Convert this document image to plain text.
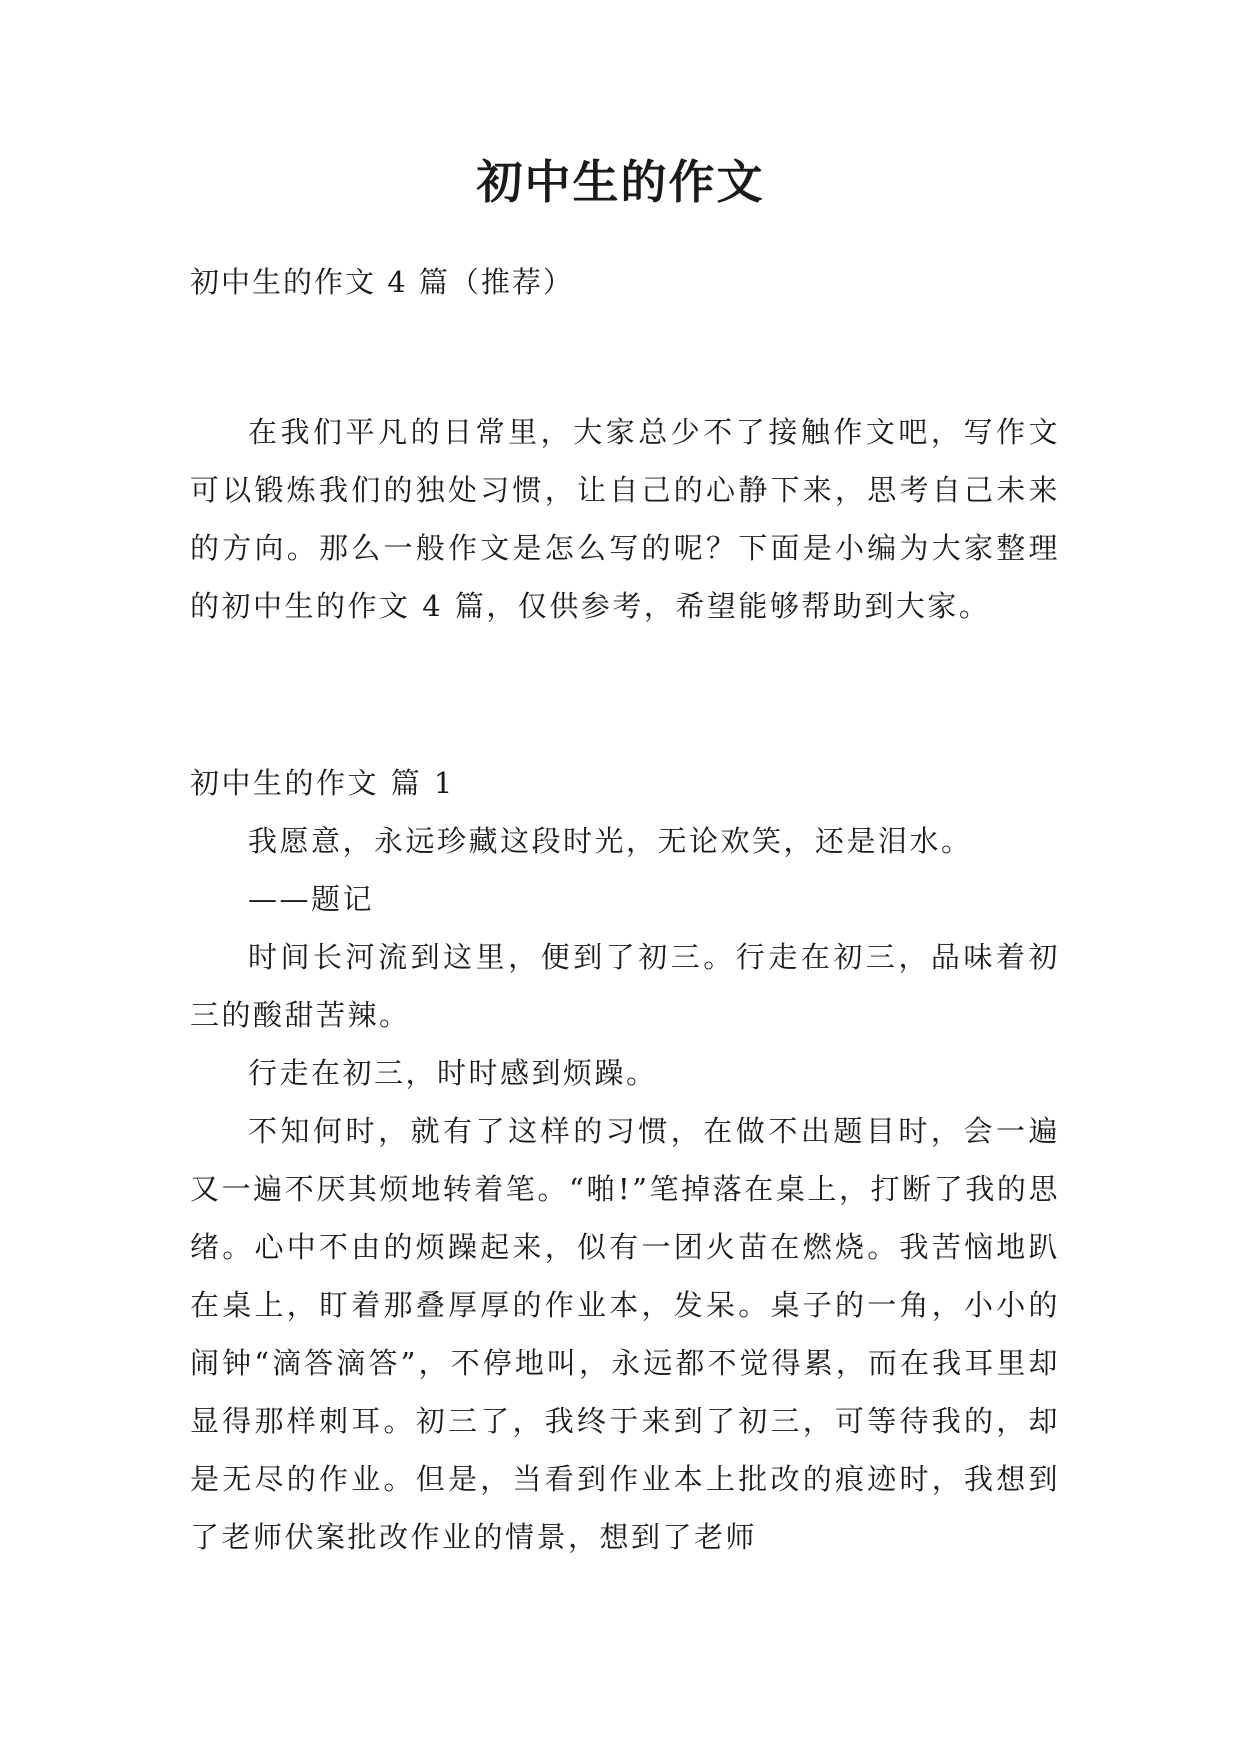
初中生的作文
初中生的作文 4 篇（推荐）

在我们平凡的日常里，大家总少不了接触作文吧，写作文可以锻炼我们的独处习惯，让自己的心静下来，思考自己未来的方向。那么一般作文是怎么写的呢？下面是小编为大家整理的初中生的作文 4 篇，仅供参考，希望能够帮助到大家。

初中生的作文 篇 1

我愿意，永远珍藏这段时光，无论欢笑，还是泪水。

——题记

时间长河流到这里，便到了初三。行走在初三，品味着初三的酸甜苦辣。

行走在初三，时时感到烦躁。

不知何时，就有了这样的习惯，在做不出题目时，会一遍又一遍不厌其烦地转着笔。“啪!”笔掉落在桌上，打断了我的思绪。心中不由的烦躁起来，似有一团火苗在燃烧。我苦恼地趴在桌上，盯着那叠厚厚的作业本，发呆。桌子的一角，小小的闹钟“滴答滴答”，不停地叫，永远都不觉得累，而在我耳里却显得那样刺耳。初三了，我终于来到了初三，可等待我的，却是无尽的作业。但是，当看到作业本上批改的痕迹时，我想到了老师伏案批改作业的情景，想到了老师
